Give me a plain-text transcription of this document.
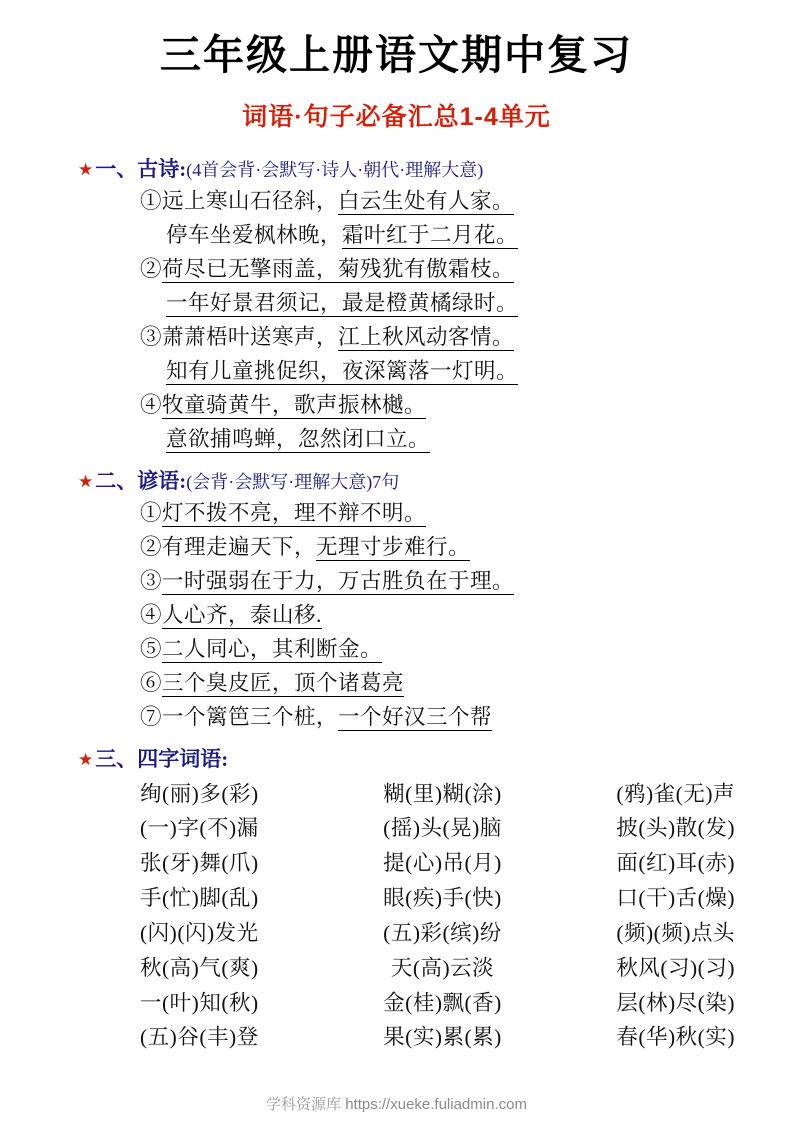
三年级上册语文期中复习
词语·句子必备汇总1-4单元
★ 一、古诗: (4首会背·会默写·诗人·朝代·理解大意)
①远上寒山石径斜，白云生处有人家。
停车坐爱枫林晚，霜叶红于二月花。
②荷尽已无擎雨盖，菊残犹有傲霜枝。
一年好景君须记，最是橙黄橘绿时。
③萧萧梧叶送寒声，江上秋风动客情。
知有儿童挑促织，夜深篱落一灯明。
④牧童骑黄牛，歌声振林樾。
意欲捕鸣蝉，忽然闭口立。
★ 二、谚语: (会背·会默写·理解大意) 7句
①灯不拨不亮，理不辩不明。
②有理走遍天下，无理寸步难行。
③一时强弱在于力，万古胜负在于理。
④人心齐，泰山移.
⑤二人同心，其利断金。
⑥三个臭皮匠，顶个诸葛亮
⑦一个篱笆三个桩，一个好汉三个帮
★ 三、四字词语:
绚(丽)多(彩)	糊(里)糊(涂)	(鸦)雀(无)声
(一)字(不)漏	(摇)头(晃)脑	披(头)散(发)
张(牙)舞(爪)	提(心)吊(月)	面(红)耳(赤)
手(忙)脚(乱)	眼(疾)手(快)	口(干)舌(燥)
(闪)(闪)发光	(五)彩(缤)纷	(频)(频)点头
秋(高)气(爽)	天(高)云淡	秋风(习)(习)
一(叶)知(秋)	金(桂)飘(香)	层(林)尽(染)
(五)谷(丰)登	果(实)累(累)	春(华)秋(实)
学科资源库 https://xueke.fuliadmin.com
